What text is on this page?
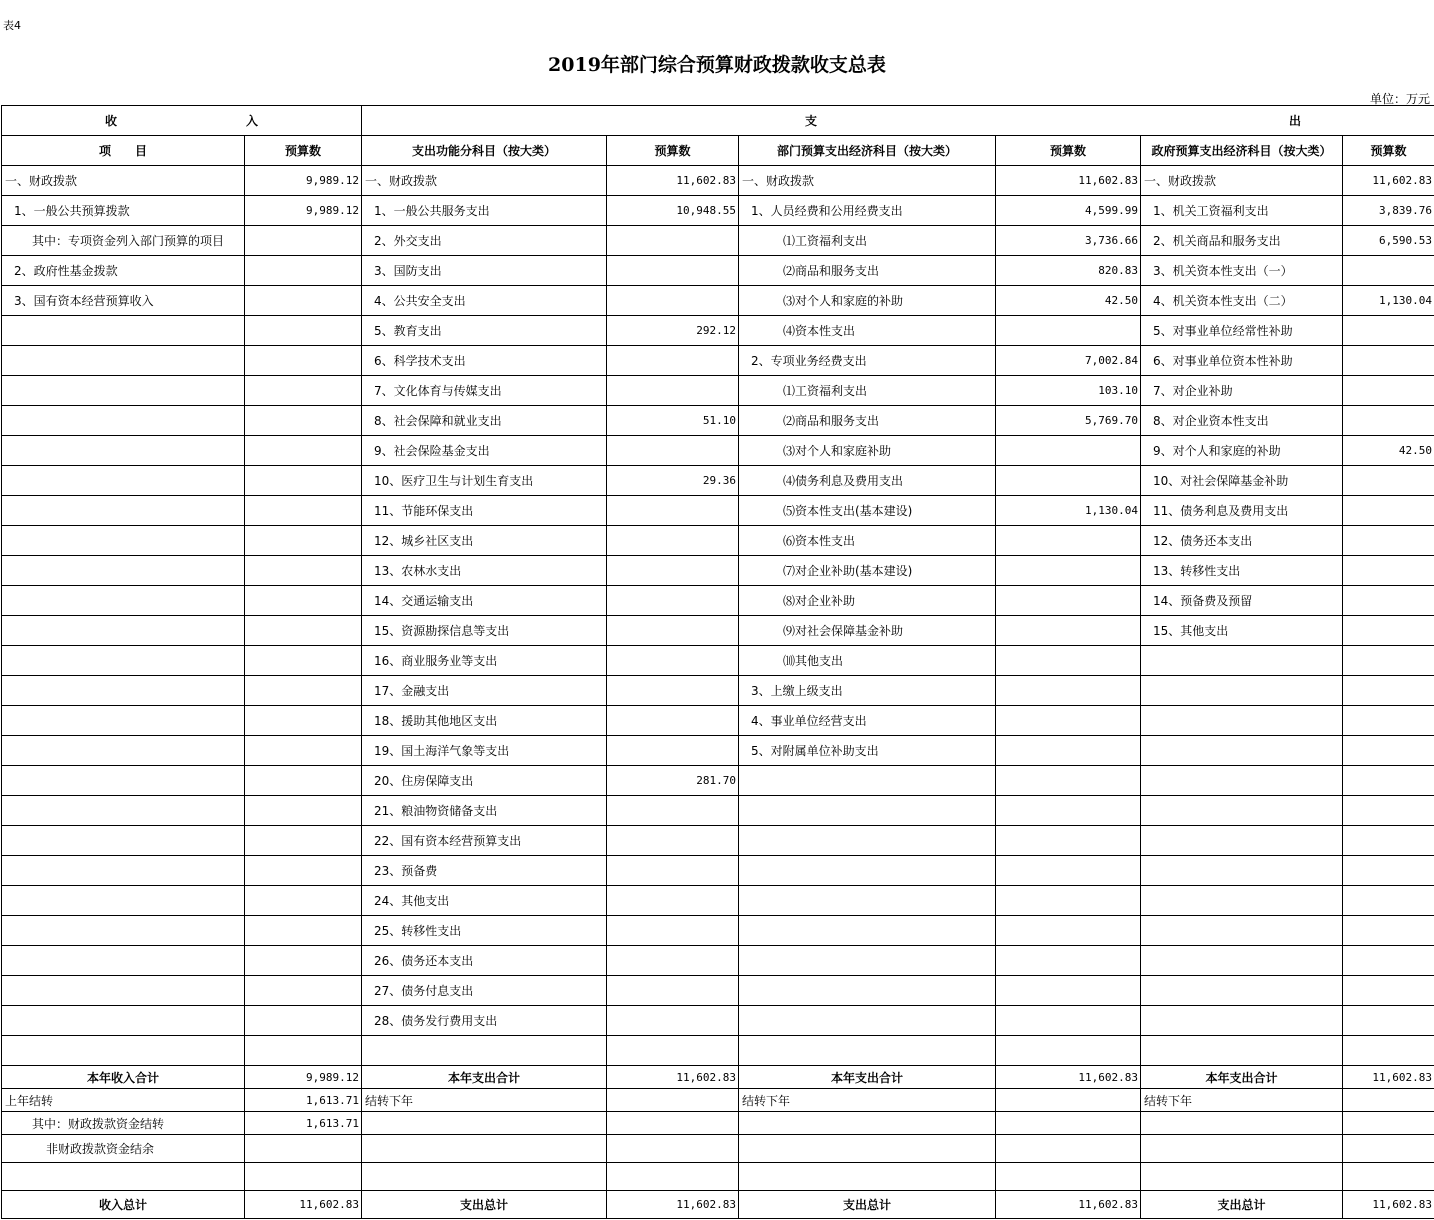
表4
2019年部门综合预算财政拨款收支总表
单位：万元
收 入		支 出					

项　　目	预算数	支出功能分科目（按大类）	预算数	部门预算支出经济科目（按大类）	预算数	政府预算支出经济科目（按大类）	预算数
一、财政拨款	9,989.12	一、财政拨款	11,602.83	一、财政拨款	11,602.83	一、财政拨款	11,602.83
1、一般公共预算拨款	9,989.12	1、一般公共服务支出	10,948.55	1、人员经费和公用经费支出	4,599.99	1、机关工资福利支出	3,839.76
其中：专项资金列入部门预算的项目		2、外交支出		⑴工资福利支出	3,736.66	2、机关商品和服务支出	6,590.53
2、政府性基金拨款		3、国防支出		⑵商品和服务支出	820.83	3、机关资本性支出（一）	
3、国有资本经营预算收入		4、公共安全支出		⑶对个人和家庭的补助	42.50	4、机关资本性支出（二）	1,130.04
		5、教育支出	292.12	⑷资本性支出		5、对事业单位经常性补助	
		6、科学技术支出		2、专项业务经费支出	7,002.84	6、对事业单位资本性补助	
		7、文化体育与传媒支出		⑴工资福利支出	103.10	7、对企业补助	
		8、社会保障和就业支出	51.10	⑵商品和服务支出	5,769.70	8、对企业资本性支出	
		9、社会保险基金支出		⑶对个人和家庭补助		9、对个人和家庭的补助	42.50
		10、医疗卫生与计划生育支出	29.36	⑷债务利息及费用支出		10、对社会保障基金补助	
		11、节能环保支出		⑸资本性支出(基本建设)	1,130.04	11、债务利息及费用支出	
		12、城乡社区支出		⑹资本性支出		12、债务还本支出	
		13、农林水支出		⑺对企业补助(基本建设)		13、转移性支出	
		14、交通运输支出		⑻对企业补助		14、预备费及预留	
		15、资源勘探信息等支出		⑼对社会保障基金补助		15、其他支出	
		16、商业服务业等支出		⑽其他支出			
		17、金融支出		3、上缴上级支出			
		18、援助其他地区支出		4、事业单位经营支出			
		19、国土海洋气象等支出		5、对附属单位补助支出			
		20、住房保障支出	281.70				
		21、粮油物资储备支出					
		22、国有资本经营预算支出					
		23、预备费					
		24、其他支出					
		25、转移性支出					
		26、债务还本支出					
		27、债务付息支出					
		28、债务发行费用支出					

本年收入合计	9,989.12	本年支出合计	11,602.83	本年支出合计	11,602.83	本年支出合计	11,602.83
上年结转	1,613.71	结转下年		结转下年		结转下年	
其中：财政拨款资金结转	1,613.71						
非财政拨款资金结余							

收入总计	11,602.83	支出总计	11,602.83	支出总计	11,602.83	支出总计	11,602.83
